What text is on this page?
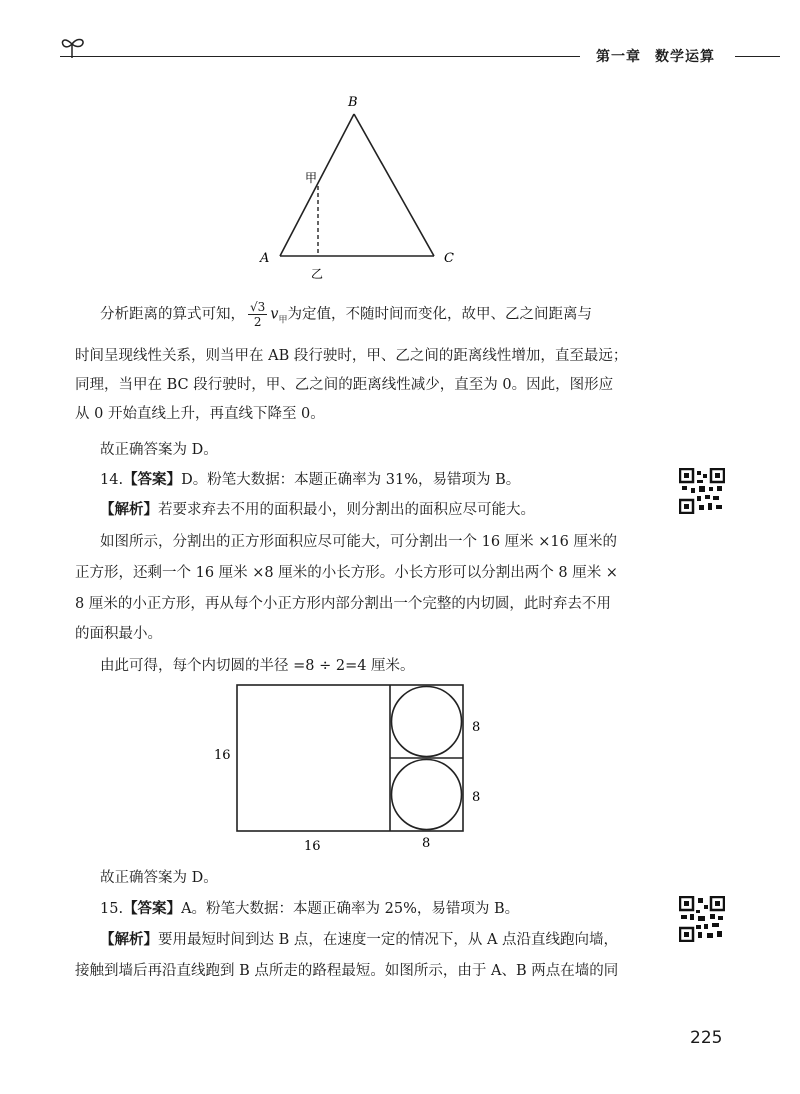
第一章 数学运算
B
A	C
甲
乙
分析距离的算式可知， $\frac{√3}{2} v_甲$为定值，不随时间而变化，故甲、乙之间距离与
时间呈现线性关系，则当甲在 AB 段行驶时，甲、乙之间的距离线性增加，直至最远；
同理，当甲在 BC 段行驶时，甲、乙之间的距离线性减少，直至为 0。因此，图形应
从 0 开始直线上升，再直线下降至 0。
故正确答案为 D。
14.【答案】D。粉笔大数据：本题正确率为 31%，易错项为 B。
【解析】若要求弃去不用的面积最小，则分割出的面积应尽可能大。
如图所示，分割出的正方形面积应尽可能大，可分割出一个 16 厘米 ×16 厘米的
正方形，还剩一个 16 厘米 ×8 厘米的小长方形。小长方形可以分割出两个 8 厘米 ×
8 厘米的小正方形，再从每个小正方形内部分割出一个完整的内切圆，此时弃去不用
的面积最小。
由此可得，每个内切圆的半径 =8 ÷ 2=4 厘米。
16
16	8
8
8
故正确答案为 D。
15.【答案】A。粉笔大数据：本题正确率为 25%，易错项为 B。
【解析】要用最短时间到达 B 点，在速度一定的情况下，从 A 点沿直线跑向墙，
接触到墙后再沿直线跑到 B 点所走的路程最短。如图所示，由于 A、B 两点在墙的同
225
